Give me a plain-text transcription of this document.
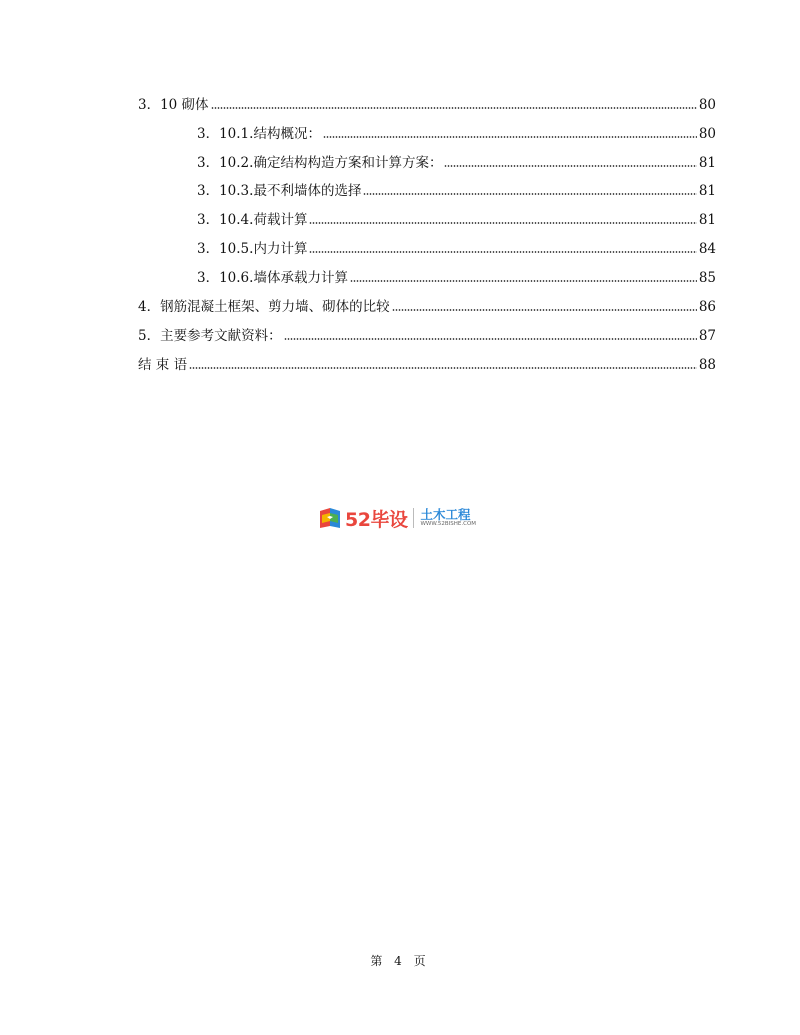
3．10 砌体	80
3．10.1.结构概况：	80
3．10.2.确定结构构造方案和计算方案：	81
3．10.3.最不利墙体的选择	81
3．10.4.荷载计算	81
3．10.5.内力计算	84
3．10.6.墙体承载力计算	85
4．钢筋混凝土框架、剪力墙、砌体的比较	86
5．主要参考文献资料：	87
结 束 语	88
52毕设 土木工程
WWW.52BISHE.COM
第 4 页
